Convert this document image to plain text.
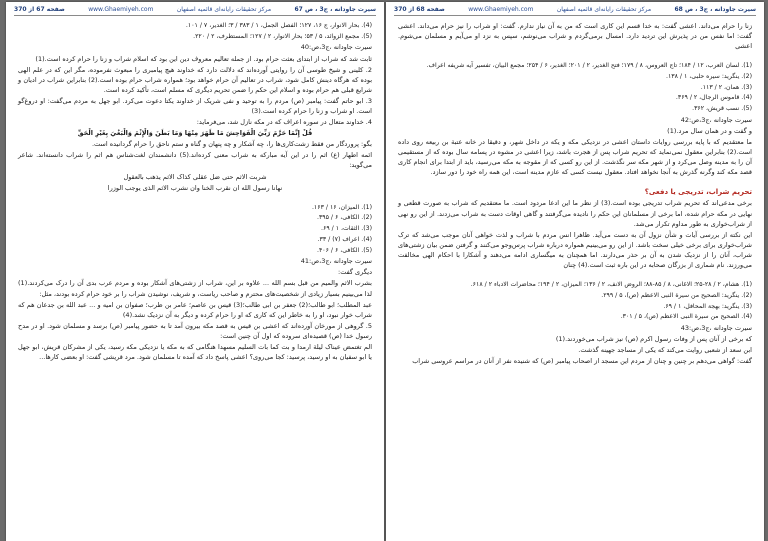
سیرت جاودانه ، ج‏3 ، ص 67
مرکز تحقیقات رایانه‌ای قائمیه اصفهان
www.Ghaemiyeh.com
صفحه 67 از 370

(4). بحار الانوار، ج ۱۶، ۱۲۷؛ الفصل الجمل، ۱ / ۳۸۳ / ۳؛ الغدیر، ۷ / ۱۰۱.

(5). مجمع الزوائد، ۵ / ۵۳؛ بحار الانوار، ۲ / ۱۲۷؛ المستطرف، ۲ / ۲۲۰.

سیرت جاودانه ،ج‏3،ص:40

ثابت شد که شراب از ابتدای بعثت حرام بود. از جمله تعالیم معروف دین این بود که اسلام شراب و زنا را حرام کرده است.(1)

2. کلینی و شیخ طوسی آن را روایتی آورده‌اند که دلالت دارد که خداوند هیچ پیامبری را مبعوث نفرموده، مگر این که در علم الهی بوده که هرگاه دینش کامل شود، شراب در تعالیم آن حرام خواهد بود؛ همواره شراب حرام بوده است.(2) بنابراین شراب در ادیان و شرایع قبلی هم حرام بوده و اسلام این حکم را ضمن تحریم دیگری که مسلم است، تأکید کرده است.

3. ابو حاتم گفت: پیامبر (ص) مردم را به توحید و نفی شریک از خداوند یکتا دعوت می‌کرد. ابو جهل به مردم می‌گفت: او دروغ‌گو است. او شراب و زنا را حرام کرده است.(3)

4. خداوند متعال در سوره اعراف که در مکه نازل شد، می‌فرماید:

قُلْ إِنَّمَا حَرَّمَ رَبِّيَ الْفَوَاحِشَ مَا ظَهَرَ مِنْهَا وَمَا بَطَنَ وَالْإِثْمَ وَالْبَغْيَ بِغَيْرِ الْحَقِّ

بگو: پروردگار من فقط زشت‌کاری‌ها را، چه آشکار و چه پنهان و گناه و ستم ناحق را حرام گردانیده است.

ائمه اطهار (ع) اثم را در این آیه مبارکه به شراب معنی کرده‌اند.(5) دانشمندان لغت‌شناس هم اثم را شراب دانسته‌اند. شاعر می‌گوید:

شربت الاثم حتی ضل عقلی کذاک الاثم یذهب بالعقول

نهانا رسول الله ان نقرب الخنا وان نشرب الاثم الذی یوجب الوزرا

(1). المیزان، ۱۶ / ۱۶۳.

(2). الکافی، ۶ / ۳۹۵.

(3). الثقات، ۱ / ۶۹.

(4). اعراف (۷) / ۳۳.

(5). الکافی، ۶ / ۴۰۶.

سیرت جاودانه ،ج‏3،ص:41

دیگری گفت:

بشرب الاثم والمیم من قبل بسم الله ... علاوه بر این، شراب از زشتی‌های آشکار بوده و مردم عرب بدی آن را درک می‌کردند.(1) لذا می‌بینیم بسیار زیادی از شخصیت‌های محترم و صاحب ریاست، و شریف، نوشیدن شراب را بر خود حرام کرده بودند، مثل:

عبد المطلب؛ ابو طالب؛(2) جعفر بن ابی طالب؛(3) قیس بن عاصم؛ عامر بن ظرب؛ صفوان بن امیه و ... عبد الله بن جدعان هم که شراب خوار نبود، او را به خاطر این که کاری که او را حرام کرده و دیگر به آن نزدیک نشد.(4)

5. گروهی از مورخان آورده‌اند که اعشی بن قیس به قصد مکه بیرون آمد تا به حضور پیامبر (ص) برسد و مسلمان شود. او در مدح رسول خدا (ص) قصیده‌ای سروده که اول آن چنین است:

الم تغتمض عیناک لیلة ارمدا و بت کما بات السلیم مسهدا هنگامی که به مکه یا نزدیکی مکه رسید، یکی از مشرکان قریش، ابو جهل یا ابو سفیان به او رسید، پرسید: کجا می‌روی؟ اعشی پاسخ داد که آمده تا مسلمان شود. مرد قریشی گفت: او بعضی کارها...

سیرت جاودانه ، ج‏3 ، ص 68
مرکز تحقیقات رایانه‌ای قائمیه اصفهان
www.Ghaemiyeh.com
صفحه 68 از 370

زنا را حرام می‌داند. اعشی گفت: به خدا قسم این کاری است که من به آن نیاز ندارم. گفت: او شراب را نیز حرام می‌داند. اعشی گفت: اما نفس من در پذیرش این تردید دارد. امسال برمی‌گردم و شراب می‌نوشم، سپس به نزد او می‌آیم و مسلمان می‌شوم. اعشی

(1). لسان العرب، ۱۲ / ۱۸۴؛ تاج العروس، ۸ / ۱۷۹؛ فتح الغدیر، ۲ / ۲۰۱؛ الغدیر، ۶ / ۲۵۴؛ مجمع البیان، تفسیر آیه شریفه اعراف.

(2). ینگرید: سیره حلبی، ۱ / ۱۳۸.

(3). همان، ۲ / ۱۱۳.

(4). قاموس الرجال، ۲ / ۳۶۹.

(5). نسب قریش، ۳۶۲.

سیرت جاودانه ،ج‏3،ص:42

و گفت و در همان سال مرد.(1)

ما معتقدیم که با پایه بررسی روایات داستان اعشی در نزدیکی مکه و یکه در داخل شهر، و دقیقا در خانه عتبة بن ربیعه روی داده است.(2) بنابراین معقول نمی‌نماید که تحریم شراب پس از هجرت باشد، زیرا اعشی در مشوه در پسامه سال بوده که از مستقیمی آن را به مدینه وصل می‌کرد و از شهر مکه سر نگذشت. از این رو کسی که از مقوجه به مکه می‌رسید، باید از ابتدا برای انجام کاری قصد مکه کند وگرنه گذرش به آنجا نخواهد افتاد. معقول نیست کسی که عازم مدینه است، این همه راه خود را دور سازد.

تحریم شراب، تدریجی یا دفعی؟

برخی مدعی‌اند که تحریم شراب تدریجی بوده است.(3) از نظر ما این ادعا مردود است. ما معتقدیم که شراب به صورت قطعی و نهایی در مکه حرام شده، اما برخی از مسلمانان این حکم را نادیده می‌گرفتند و گاهی اوقات دست به شراب می‌زدند. از این رو نهی از شراب‌خواری به طور مداوم تکرار می‌شد.

این نکته از بررسی آیات و شأن نزول آن به دست می‌آید. ظاهرا انس مردم با شراب و لذت خواهی آنان موجب می‌شد که ترک شراب‌خواری برای برخی خیلی سخت باشد. از این رو می‌بینیم همواره درباره شراب پرس‌وجو می‌کنند و گرفتن ضمن بیان زشتی‌های شراب، آنان را از نزدیک شدن به آن بر حذر می‌دارند. اما همچنان به میگساری ادامه می‌دهند و آشکارا با احکام الهی مخالفت می‌ورزند. نام شماری از بزرگان صحابه در این باره ثبت است.(4) چنان

(1). هشام، ۲ / ۲۸-۲۵؛ الاغانی، ۸ / ۸۵-۸۸؛ الروض الانف، ۲ / ۱۳۶؛ المیزان، ۲ / ۱۹۴؛ محاضرات الادباء ۲ / ۶۱۸.

(2). ینگرید: الصحیح من سیرة النبی الاعظم (ص)، ۵ / ۲۹۹.

(3). ینگرید: بهجة المحافل، ۱ / ۶۹.

(4). الصحیح من سیرة النبی الاعظم (ص)، ۵ / ۳۰۱.

سیرت جاودانه ،ج‏3،ص:43

که برخی از آنان پس از وفات رسول اکرم (ص) نیز شراب می‌خوردند.(1)

ابن سعد از شعبی روایت می‌کند که یکی از مساجد جهینه گذشت.

گفت: گواهی می‌دهم بر چنین و چنان از مردم این مسجد از اصحاب پیامبر (ص) که شنیده نفر از آنان در مراسم عروسی شراب
